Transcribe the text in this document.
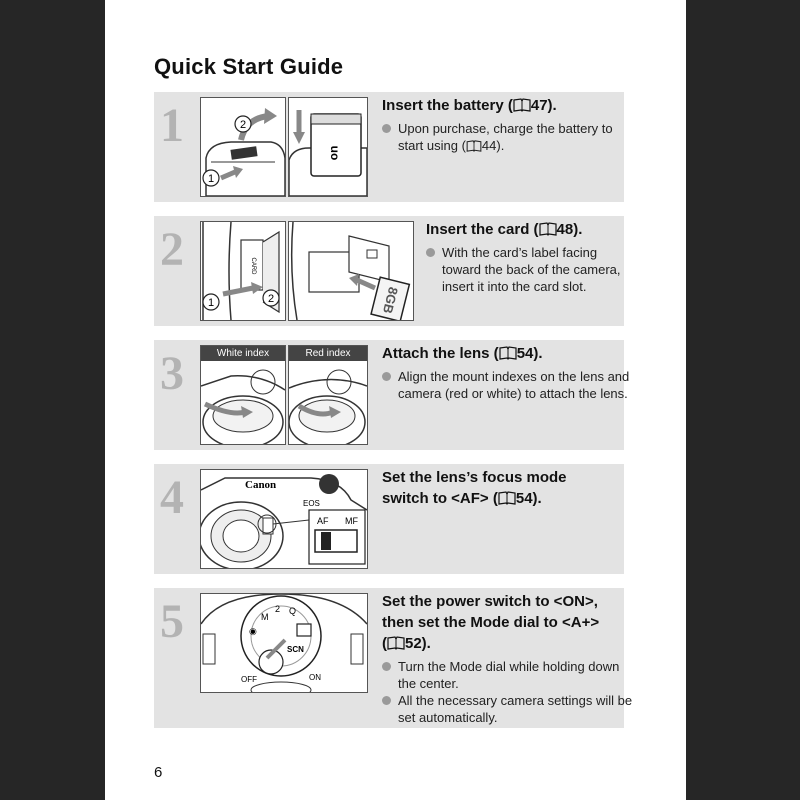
Quick Start Guide
1	2
1
uo
Insert the battery ( 47).
Upon purchase, charge the battery to start using ( 44).
2	CARD
1	2	8GB
Insert the card ( 48).
With the card’s label facing toward the back of the camera, insert it into the card slot.
3	White index	Red index	Attach the lens ( 54).
Align the mount indexes on the lens and camera (red or white) to attach the lens.
4	Canon
EOS
AF MF
Set the lens’s focus mode
switch to <AF> ( 54).
5	M
2 Q
◉
SCN
OFF	ON
Set the power switch to <ON>,
then set the Mode dial to <A+>
( 52).
Turn the Mode dial while holding down the center.
All the necessary camera settings will be set automatically.
6
